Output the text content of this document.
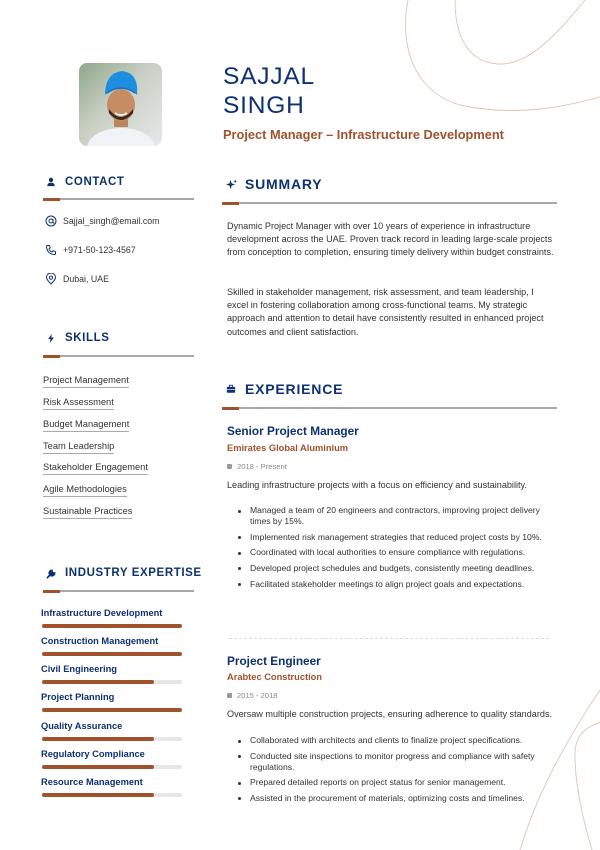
SAJJAL
SINGH
Project Manager – Infrastructure Development
CONTACT
Sajjal_singh@email.com
+971-50-123-4567
Dubai, UAE
SKILLS
Project Management
Risk Assessment
Budget Management
Team Leadership
Stakeholder Engagement
Agile Methodologies
Sustainable Practices
INDUSTRY EXPERTISE
Infrastructure Development
Construction Management
Civil Engineering
Project Planning
Quality Assurance
Regulatory Compliance
Resource Management
SUMMARY

Dynamic Project Manager with over 10 years of experience in infrastructure development across the UAE. Proven track record in leading large-scale projects from conception to completion, ensuring timely delivery within budget constraints.

Skilled in stakeholder management, risk assessment, and team leadership, I excel in fostering collaboration among cross-functional teams. My strategic approach and attention to detail have consistently resulted in enhanced project outcomes and client satisfaction.

EXPERIENCE
Senior Project Manager
Emirates Global Aluminium
2018 - Present
Leading infrastructure projects with a focus on efficiency and sustainability.
Managed a team of 20 engineers and contractors, improving project delivery times by 15%.
Implemented risk management strategies that reduced project costs by 10%.
Coordinated with local authorities to ensure compliance with regulations.
Developed project schedules and budgets, consistently meeting deadlines.
Facilitated stakeholder meetings to align project goals and expectations.
Project Engineer
Arabtec Construction
2015 - 2018
Oversaw multiple construction projects, ensuring adherence to quality standards.
Collaborated with architects and clients to finalize project specifications.
Conducted site inspections to monitor progress and compliance with safety regulations.
Prepared detailed reports on project status for senior management.
Assisted in the procurement of materials, optimizing costs and timelines.
